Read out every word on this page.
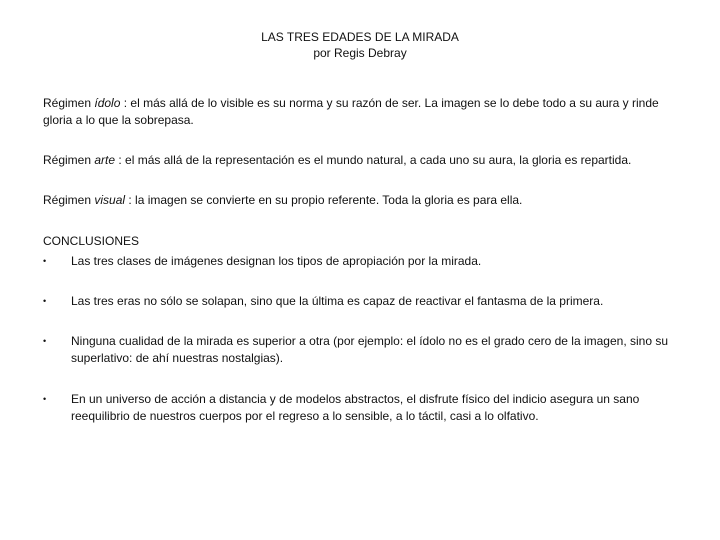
LAS TRES EDADES DE LA MIRADA
por Regis Debray

Régimen ídolo : el más allá de lo visible es su norma y su razón de ser. La imagen se lo debe todo a su aura y rinde gloria a lo que la sobrepasa.

Régimen arte : el más allá de la representación es el mundo natural, a cada uno su aura, la gloria es repartida.

Régimen visual : la imagen se convierte en su propio referente. Toda la gloria es para ella.

CONCLUSIONES
•	Las tres clases de imágenes designan los tipos de apropiación por la mirada.
•	Las tres eras no sólo se solapan, sino que la última es capaz de reactivar el fantasma de la primera.
•	Ninguna cualidad de la mirada es superior a otra (por ejemplo: el ídolo no es el grado cero de la imagen, sino su superlativo: de ahí nuestras nostalgias).
•	En un universo de acción a distancia y de modelos abstractos, el disfrute físico del indicio asegura un sano reequilibrio de nuestros cuerpos por el regreso a lo sensible, a lo táctil, casi a lo olfativo.
